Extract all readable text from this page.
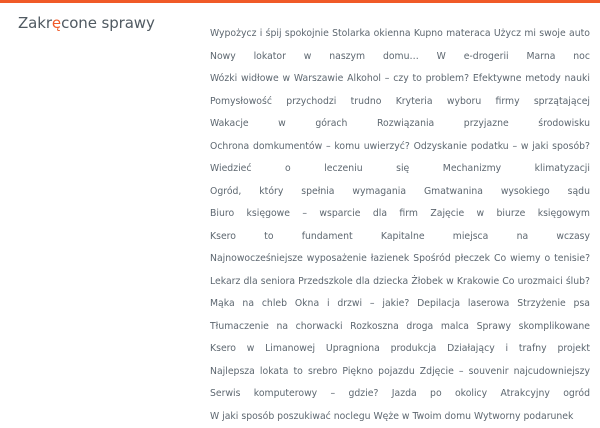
Zakręcone sprawy
Wypożycz i śpij spokojnie Stolarka okienna Kupno materaca Użycz mi swoje auto Nowy lokator w naszym domu… W e-drogerii Marna noc Wózki widłowe w Warszawie Alkohol – czy to problem? Efektywne metody nauki Pomysłowość przychodzi trudno Kryteria wyboru firmy sprzątającej Wakacje w górach	Rozwiązania przyjazne środowisku Ochrona domkumentów – komu uwierzyć? Odzyskanie podatku – w jaki sposób? Wiedzieć o leczeniu się	Mechanizmy klimatyzacji Ogród, który spełnia wymagania Gmatwanina wysokiego sądu Biuro księgowe – wsparcie dla firm Zajęcie w biurze księgowym Ksero to fundament	Kapitalne miejsca na wczasy Najnowocześniejsze wyposażenie łazienek Spośród płeczek Co wiemy o tenisie? Lekarz dla seniora Przedszkole dla dziecka Żłobek w Krakowie Co urozmaici ślub? Mąka na chleb Okna i drzwi – jakie? Depilacja laserowa Strzyżenie psa Tłumaczenie na chorwacki Rozkoszna droga malca Sprawy skomplikowane Ksero w Limanowej Upragniona produkcja Działający i trafny projekt Najlepsza lokata to srebro Piękno pojazdu Zdjęcie – souvenir najcudowniejszy Serwis komputerowy – gdzie? Jazda po okolicy Atrakcyjny ogród W jaki sposób poszukiwać noclegu Węże w Twoim domu Wytworny podarunek
